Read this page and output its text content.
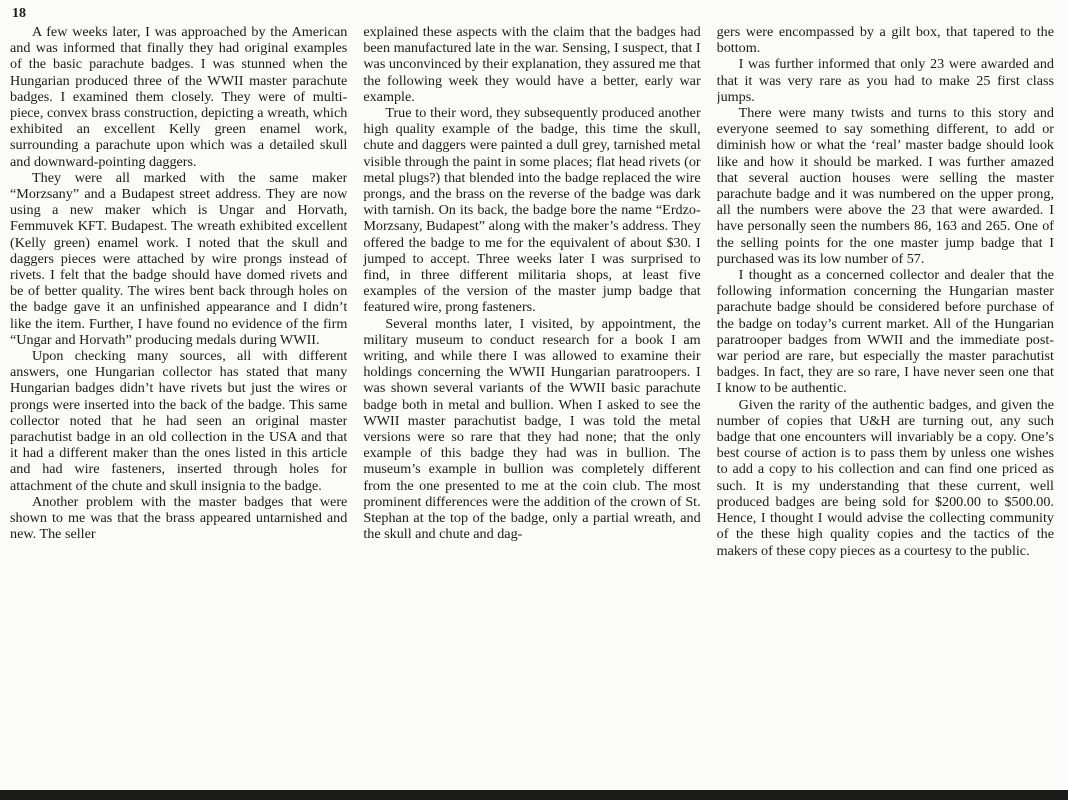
18

A few weeks later, I was approached by the American and was informed that finally they had original examples of the basic parachute badges. I was stunned when the Hungarian produced three of the WWII master parachute badges. I examined them closely. They were of multi-piece, convex brass construction, depicting a wreath, which exhibited an excellent Kelly green enamel work, surrounding a parachute upon which was a detailed skull and downward-pointing daggers.

They were all marked with the same maker “Morzsany” and a Budapest street address. They are now using a new maker which is Ungar and Horvath, Femmuvek KFT. Budapest. The wreath exhibited excellent (Kelly green) enamel work. I noted that the skull and daggers pieces were attached by wire prongs instead of rivets. I felt that the badge should have domed rivets and be of better quality. The wires bent back through holes on the badge gave it an unfinished appearance and I didn’t like the item. Further, I have found no evidence of the firm “Ungar and Horvath” producing medals during WWII.

Upon checking many sources, all with different answers, one Hungarian collector has stated that many Hungarian badges didn’t have rivets but just the wires or prongs were inserted into the back of the badge. This same collector noted that he had seen an original master parachutist badge in an old collection in the USA and that it had a different maker than the ones listed in this article and had wire fasteners, inserted through holes for attachment of the chute and skull insignia to the badge.

Another problem with the master badges that were shown to me was that the brass appeared untarnished and new. The seller

explained these aspects with the claim that the badges had been manufactured late in the war. Sensing, I suspect, that I was unconvinced by their explanation, they assured me that the following week they would have a better, early war example.

True to their word, they subsequently produced another high quality example of the badge, this time the skull, chute and daggers were painted a dull grey, tarnished metal visible through the paint in some places; flat head rivets (or metal plugs?) that blended into the badge replaced the wire prongs, and the brass on the reverse of the badge was dark with tarnish. On its back, the badge bore the name “Erdzo-Morzsany, Budapest” along with the maker’s address. They offered the badge to me for the equivalent of about $30. I jumped to accept. Three weeks later I was surprised to find, in three different militaria shops, at least five examples of the version of the master jump badge that featured wire, prong fasteners.

Several months later, I visited, by appointment, the military museum to conduct research for a book I am writing, and while there I was allowed to examine their holdings concerning the WWII Hungarian paratroopers. I was shown several variants of the WWII basic parachute badge both in metal and bullion. When I asked to see the WWII master parachutist badge, I was told the metal versions were so rare that they had none; that the only example of this badge they had was in bullion. The museum’s example in bullion was completely different from the one presented to me at the coin club. The most prominent differences were the addition of the crown of St. Stephan at the top of the badge, only a partial wreath, and the skull and chute and dag-

gers were encompassed by a gilt box, that tapered to the bottom.

I was further informed that only 23 were awarded and that it was very rare as you had to make 25 first class jumps.

There were many twists and turns to this story and everyone seemed to say something different, to add or diminish how or what the ‘real’ master badge should look like and how it should be marked. I was further amazed that several auction houses were selling the master parachute badge and it was numbered on the upper prong, all the numbers were above the 23 that were awarded. I have personally seen the numbers 86, 163 and 265. One of the selling points for the one master jump badge that I purchased was its low number of 57.

I thought as a concerned collector and dealer that the following information concerning the Hungarian master parachute badge should be considered before purchase of the badge on today’s current market. All of the Hungarian paratrooper badges from WWII and the immediate post-war period are rare, but especially the master parachutist badges. In fact, they are so rare, I have never seen one that I know to be authentic.

Given the rarity of the authentic badges, and given the number of copies that U&H are turning out, any such badge that one encounters will invariably be a copy. One’s best course of action is to pass them by unless one wishes to add a copy to his collection and can find one priced as such. It is my understanding that these current, well produced badges are being sold for $200.00 to $500.00. Hence, I thought I would advise the collecting community of the these high quality copies and the tactics of the makers of these copy pieces as a courtesy to the public.
